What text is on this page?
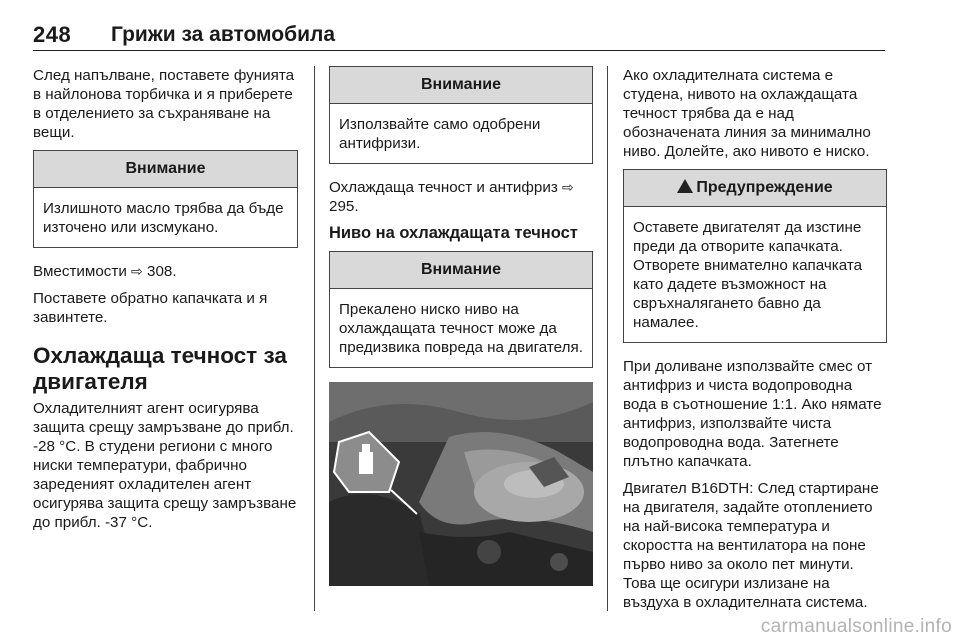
248 Грижи за автомобила

След напълване, поставете фунията в найлонова торбичка и я приберете в отделението за съхраняване на вещи.

Внимание
Излишното масло трябва да бъде източено или изсмукано.

Вместимости ⇨ 308.

Поставете обратно капачката и я завинтете.

Охлаждаща течност за двигателя

Охладителният агент осигурява защита срещу замръзване до прибл. -28 °C. В студени региони с много ниски температури, фабрично зареденият охладителен агент осигурява защита срещу замръзване до прибл. -37 °C.

Внимание
Използвайте само одобрени антифризи.

Охлаждаща течност и антифриз ⇨ 295.

Ниво на охлаждащата течност
Внимание
Прекалено ниско ниво на охлаждащата течност може да предизвика повреда на двигателя.

Ако охладителната система е студена, нивото на охлаждащата течност трябва да е над обозначената линия за минимално ниво. Долейте, ако нивото е ниско.

Предупреждение
Оставете двигателят да изстине преди да отворите капачката. Отворете внимателно капачката като дадете възможност на свръхналягането бавно да намалее.

При доливане използвайте смес от антифриз и чиста водопроводна вода в съотношение 1:1. Ако нямате антифриз, използвайте чиста водопроводна вода. Затегнете плътно капачката.

Двигател B16DTH: След стартиране на двигателя, задайте отоплението на най-висока температура и скоростта на вентилатора на поне първо ниво за около пет минути. Това ще осигури излизане на въздуха в охладителната система.

carmanualsonline.info
